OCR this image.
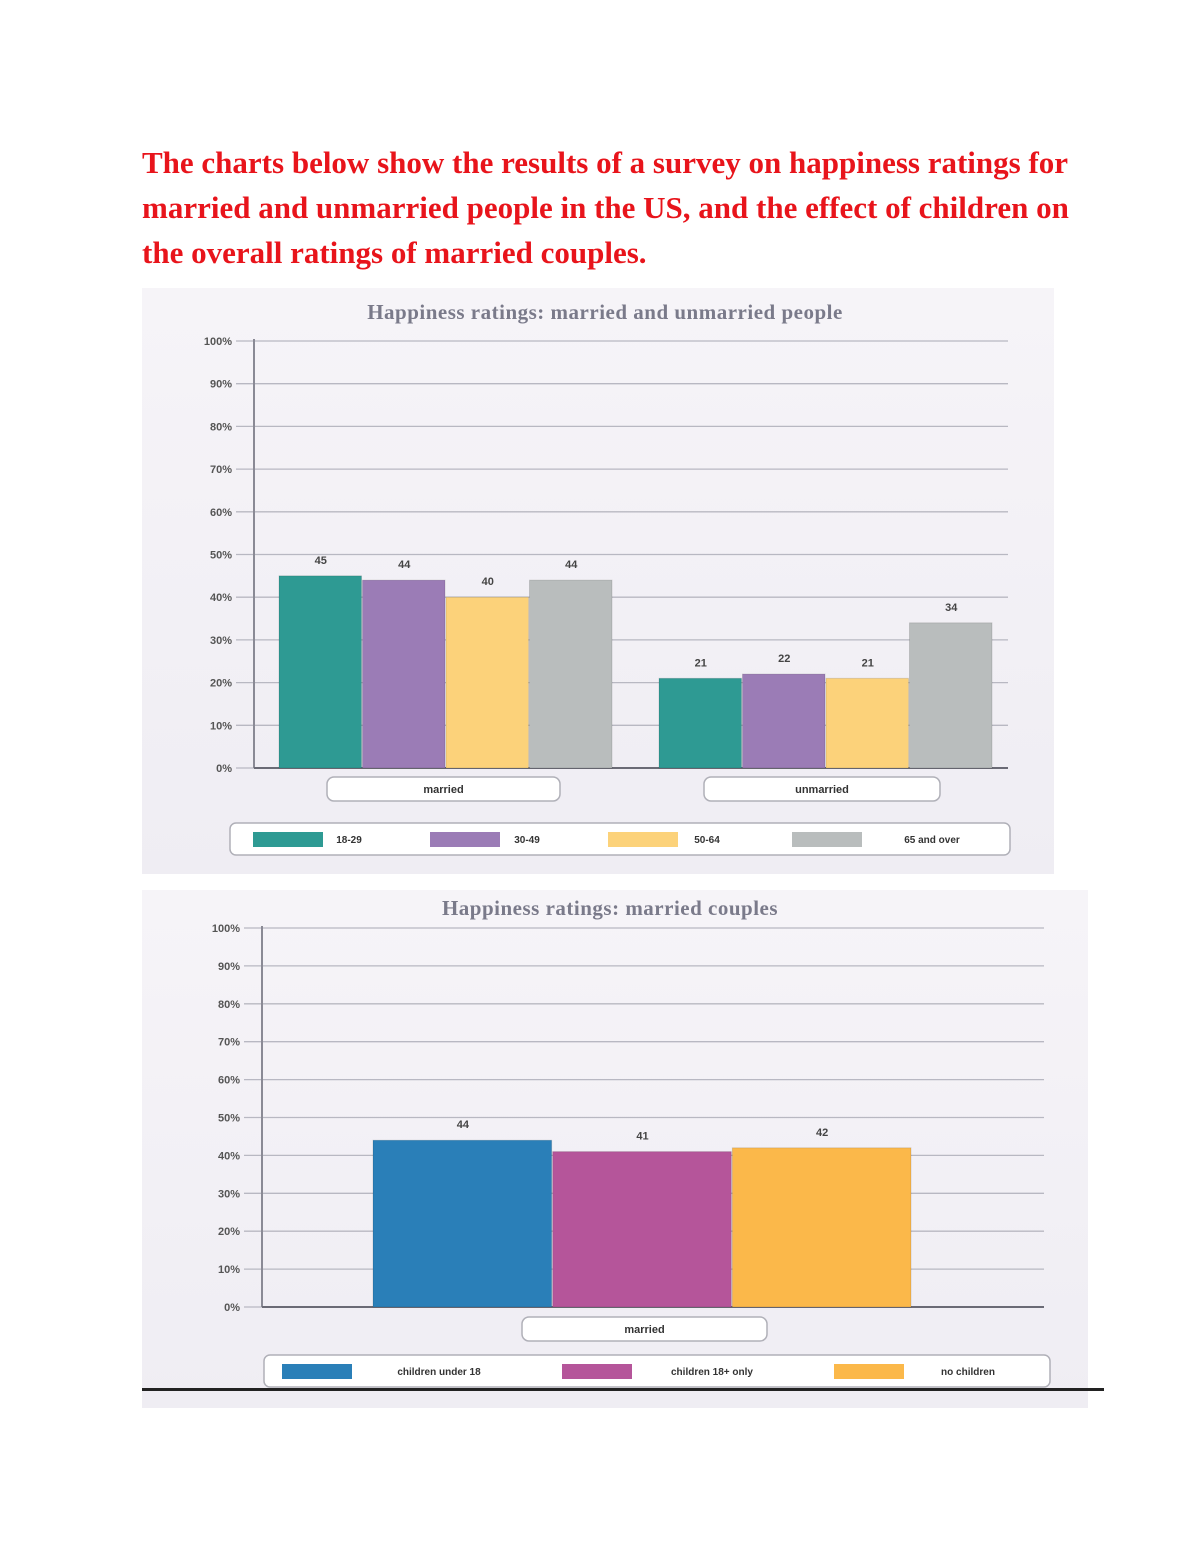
The charts below show the results of a survey on happiness ratings for married and unmarried people in the US, and the effect of children on the overall ratings of married couples.
Happiness ratings: married and unmarried people
0%
10%
20%
30%
40%
50%
60%
70%
80%
90%
100%
45	44
40
44
married
21	22	21
34
unmarried
18-29	30-49	50-64	65 and over
Happiness ratings: married couples
0%
10%
20%
30%
40%
50%
60%
70%
80%
90%
100%
44
41	42
married
children under 18	children 18+ only	no children
